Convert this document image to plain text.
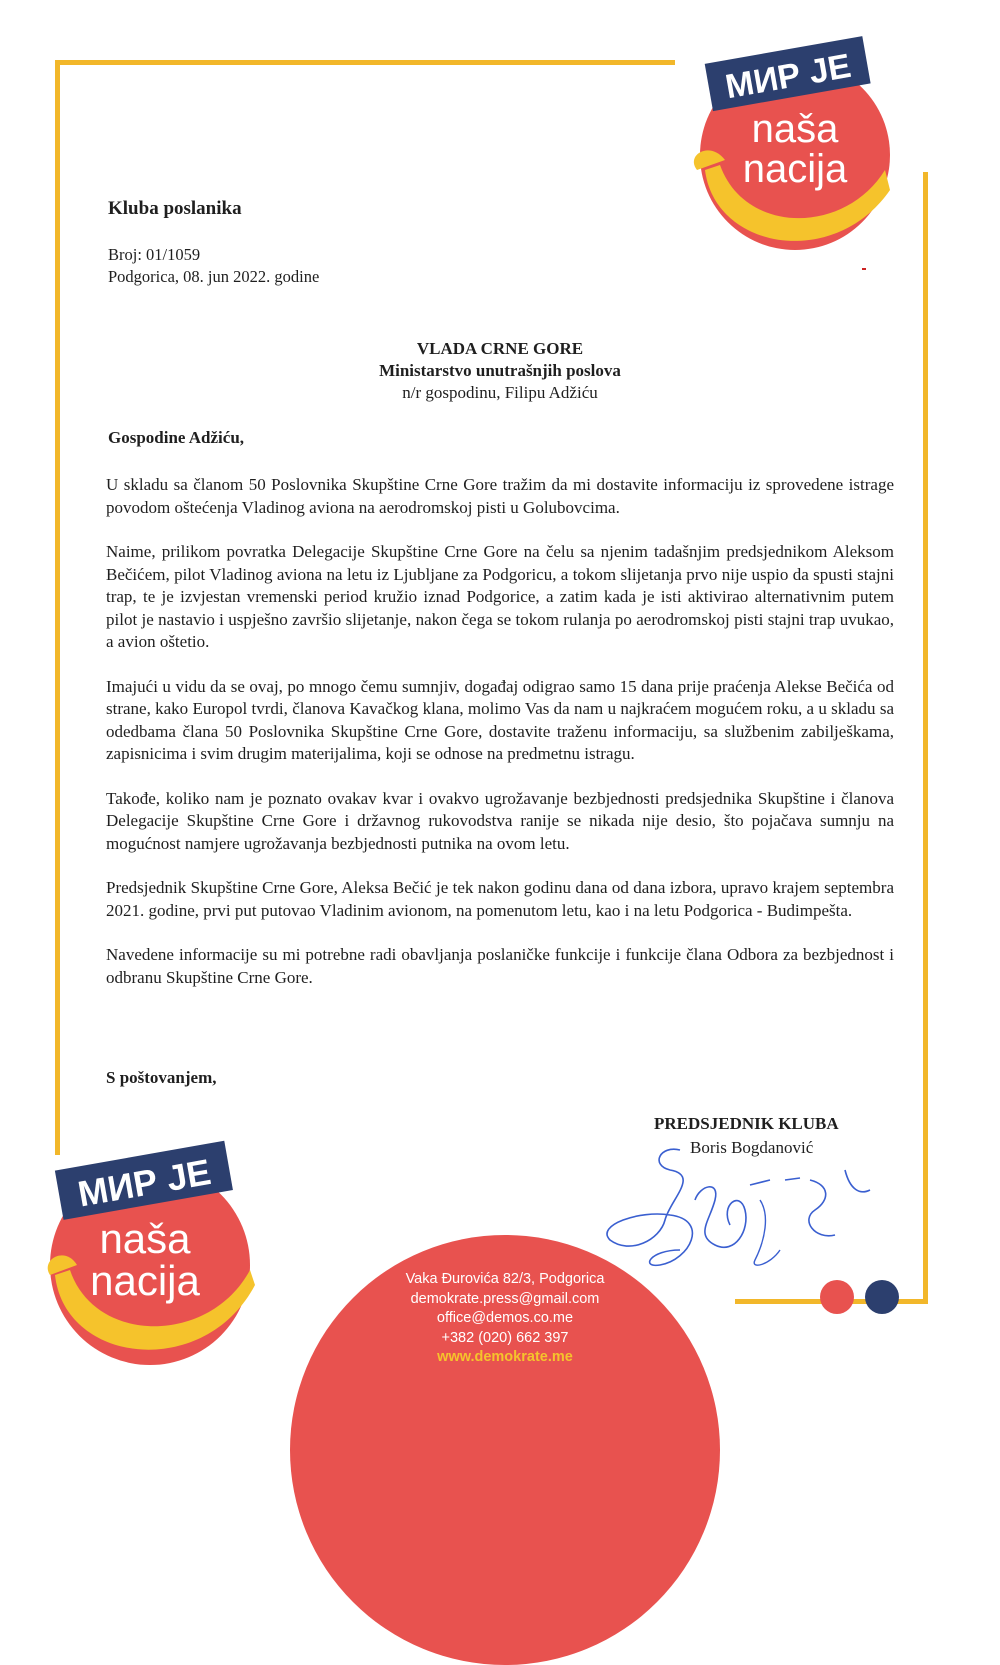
МИР JE
naša
nacija
Kluba poslanika
Broj: 01/1059
Podgorica, 08. jun 2022. godine
VLADA CRNE GORE
Ministarstvo unutrašnjih poslova
n/r gospodinu, Filipu Adžiću
Gospodine Adžiću,

U skladu sa članom 50 Poslovnika Skupštine Crne Gore tražim da mi dostavite informaciju iz sprovedene istrage povodom oštećenja Vladinog aviona na aerodromskoj pisti u Golubovcima.

Naime, prilikom povratka Delegacije Skupštine Crne Gore na čelu sa njenim tadašnjim predsjednikom Aleksom Bečićem, pilot Vladinog aviona na letu iz Ljubljane za Podgoricu, a tokom slijetanja prvo nije uspio da spusti stajni trap, te je izvjestan vremenski period kružio iznad Podgorice, a zatim kada je isti aktivirao alternativnim putem pilot je nastavio i uspješno završio slijetanje, nakon čega se tokom rulanja po aerodromskoj pisti stajni trap uvukao, a avion oštetio.

Imajući u vidu da se ovaj, po mnogo čemu sumnjiv, događaj odigrao samo 15 dana prije praćenja Alekse Bečića od strane, kako Europol tvrdi, članova Kavačkog klana, molimo Vas da nam u najkraćem mogućem roku, a u skladu sa odedbama člana 50 Poslovnika Skupštine Crne Gore, dostavite traženu informaciju, sa službenim zabilješkama, zapisnicima i svim drugim materijalima, koji se odnose na predmetnu istragu.

Takođe, koliko nam je poznato ovakav kvar i ovakvo ugrožavanje bezbjednosti predsjednika Skupštine i članova Delegacije Skupštine Crne Gore i državnog rukovodstva ranije se nikada nije desio, što pojačava sumnju na mogućnost namjere ugrožavanja bezbjednosti putnika na ovom letu.

Predsjednik Skupštine Crne Gore, Aleksa Bečić je tek nakon godinu dana od dana izbora, upravo krajem septembra 2021. godine, prvi put putovao Vladinim avionom, na pomenutom letu, kao i na letu Podgorica - Budimpešta.

Navedene informacije su mi potrebne radi obavljanja poslaničke funkcije i funkcije člana Odbora za bezbjednost i odbranu Skupštine Crne Gore.

S poštovanjem,
PREDSJEDNIK KLUBA
Boris Bogdanović
МИР JE
naša
nacija	Vaka Đurovića 82/3, Podgorica
demokrate.press@gmail.com
office@demos.co.me
+382 (020) 662 397
www.demokrate.me
